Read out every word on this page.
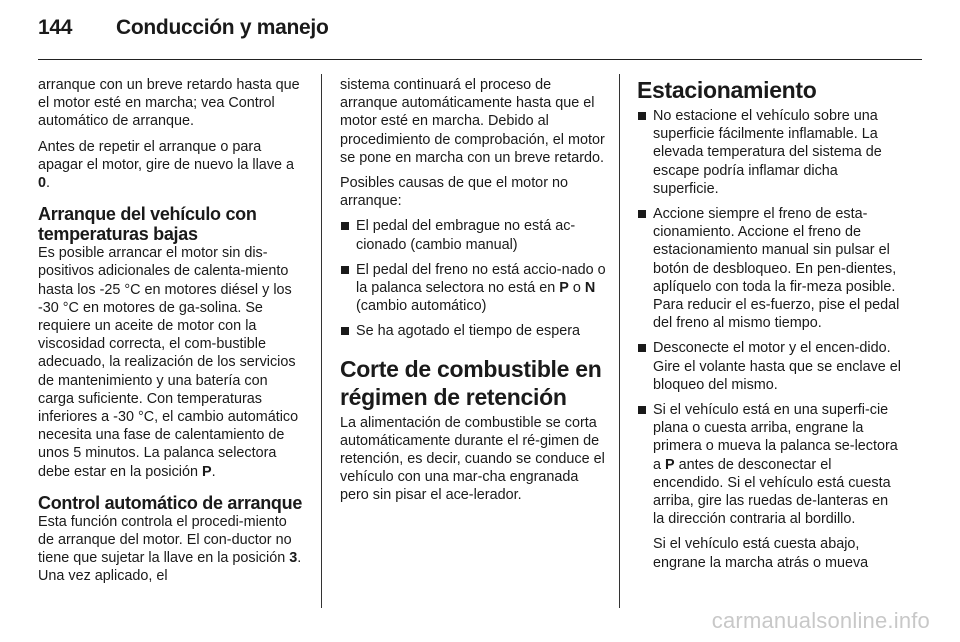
144 Conducción y manejo

arranque con un breve retardo hasta que el motor esté en marcha; vea Control automático de arranque.

Antes de repetir el arranque o para apagar el motor, gire de nuevo la llave a 0.

Arranque del vehículo con temperaturas bajas

Es posible arrancar el motor sin dis-positivos adicionales de calenta-miento hasta los -25 °C en motores diésel y los -30 °C en motores de ga-solina. Se requiere un aceite de motor con la viscosidad correcta, el com-bustible adecuado, la realización de los servicios de mantenimiento y una batería con carga suficiente. Con temperaturas inferiores a -30 °C, el cambio automático necesita una fase de calentamiento de unos 5 minutos. La palanca selectora debe estar en la posición P.

Control automático de arranque

Esta función controla el procedi-miento de arranque del motor. El con-ductor no tiene que sujetar la llave en la posición 3. Una vez aplicado, el

sistema continuará el proceso de arranque automáticamente hasta que el motor esté en marcha. Debido al procedimiento de comprobación, el motor se pone en marcha con un breve retardo.

Posibles causas de que el motor no arranque:

El pedal del embrague no está ac-cionado (cambio manual)
El pedal del freno no está accio-nado o la palanca selectora no está en P o N (cambio automático)
Se ha agotado el tiempo de espera
Corte de combustible en régimen de retención

La alimentación de combustible se corta automáticamente durante el ré-gimen de retención, es decir, cuando se conduce el vehículo con una mar-cha engranada pero sin pisar el ace-lerador.

Estacionamiento
No estacione el vehículo sobre una superficie fácilmente inflamable. La elevada temperatura del sistema de escape podría inflamar dicha superficie.
Accione siempre el freno de esta-cionamiento. Accione el freno de estacionamiento manual sin pulsar el botón de desbloqueo. En pen-dientes, aplíquelo con toda la fir-meza posible. Para reducir el es-fuerzo, pise el pedal del freno al mismo tiempo.
Desconecte el motor y el encen-dido. Gire el volante hasta que se enclave el bloqueo del mismo.
Si el vehículo está en una superfi-cie plana o cuesta arriba, engrane la primera o mueva la palanca se-lectora a P antes de desconectar el encendido. Si el vehículo está cuesta arriba, gire las ruedas de-lanteras en la dirección contraria al bordillo.

Si el vehículo está cuesta abajo, engrane la marcha atrás o mueva

carmanualsonline.info
